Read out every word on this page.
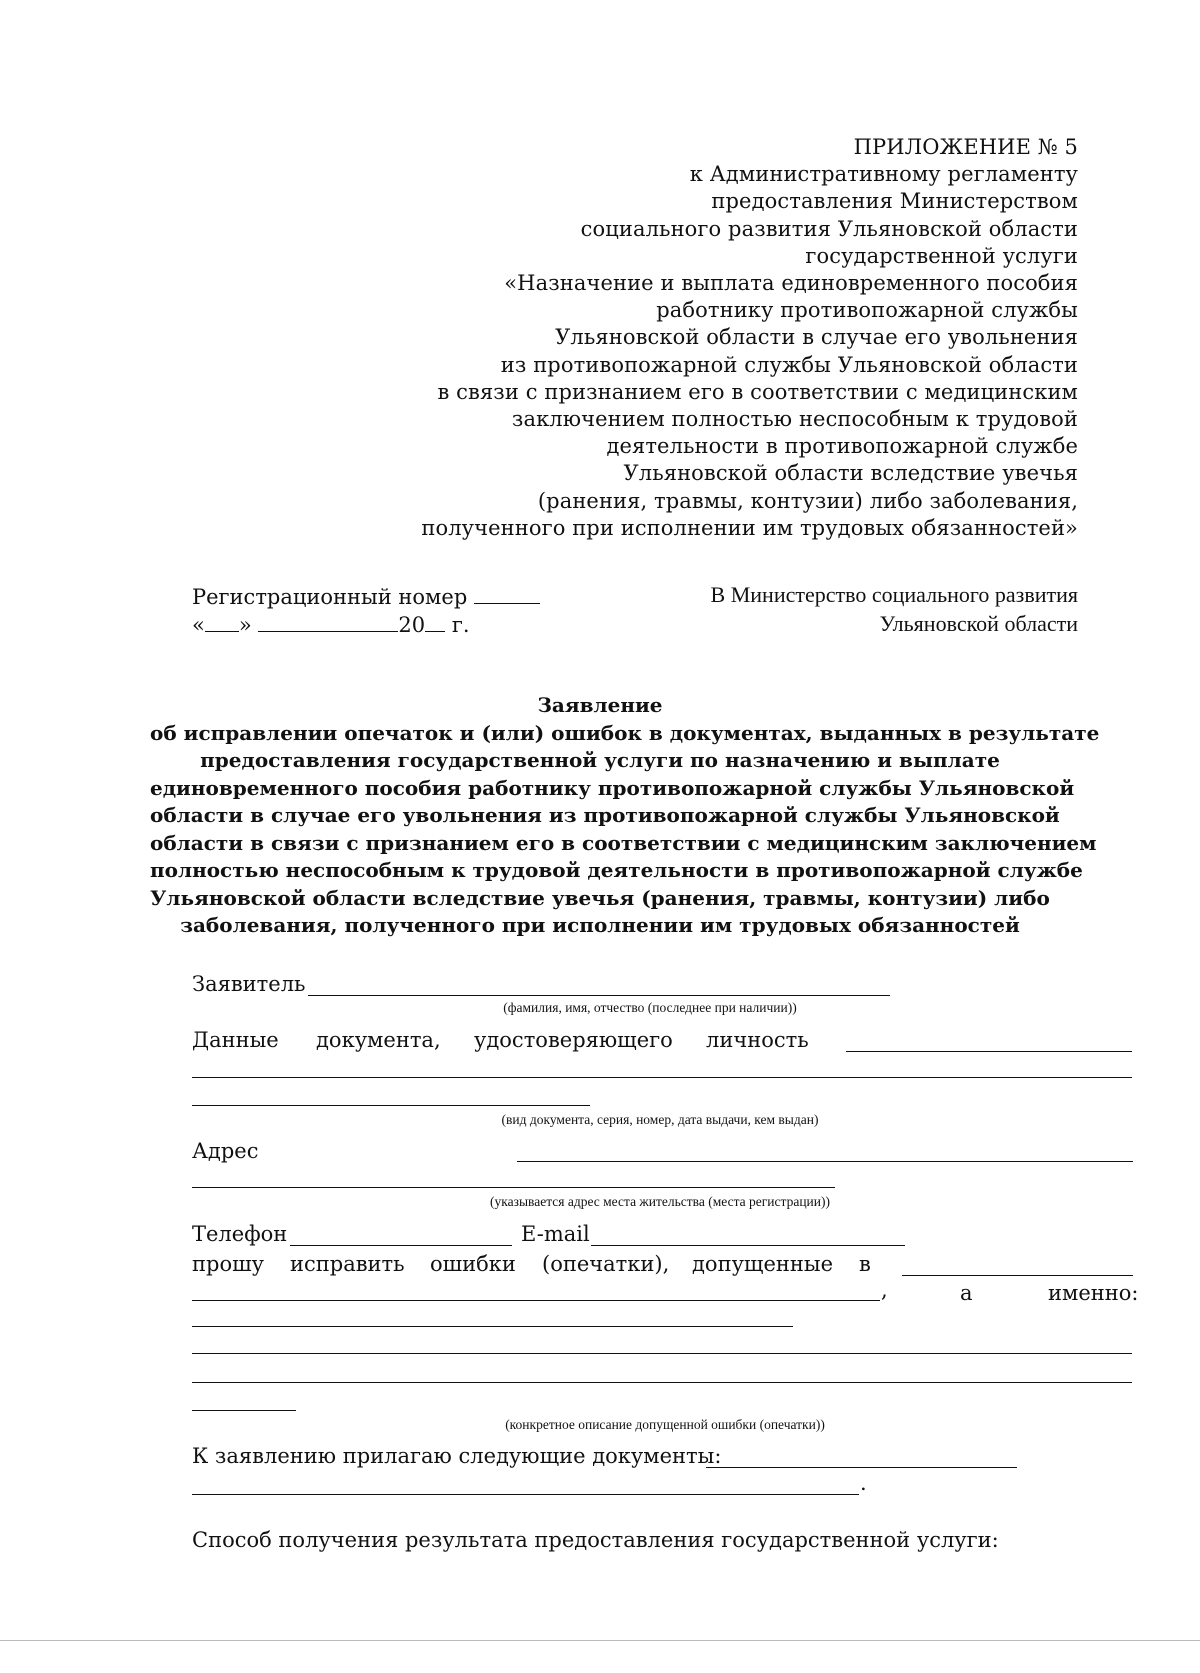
ПРИЛОЖЕНИЕ № 5
к Административному регламенту
предоставления Министерством
социального развития Ульяновской области
государственной услуги
«Назначение и выплата единовременного пособия
работнику противопожарной службы
Ульяновской области в случае его увольнения
из противопожарной службы Ульяновской области
в связи с признанием его в соответствии с медицинским
заключением полностью неспособным к трудовой
деятельности в противопожарной службе
Ульяновской области вследствие увечья
(ранения, травмы, контузии) либо заболевания,
полученного при исполнении им трудовых обязанностей»
Регистрационный номер
« »	20 г.
В Министерство социального развития
Ульяновской области
Заявление
об исправлении опечаток и (или) ошибок в документах, выданных в результате
предоставления государственной услуги по назначению и выплате
единовременного пособия работнику противопожарной службы Ульяновской
области в случае его увольнения из противопожарной службы Ульяновской
области в связи с признанием его в соответствии с медицинским заключением
полностью неспособным к трудовой деятельности в противопожарной службе
Ульяновской области вследствие увечья (ранения, травмы, контузии) либо
заболевания, полученного при исполнении им трудовых обязанностей
Заявитель
(фамилия, имя, отчество (последнее при наличии))
Данные документа, удостоверяющего личность
(вид документа, серия, номер, дата выдачи, кем выдан)
Адрес
(указывается адрес места жительства (места регистрации))
Телефон	E-mail
прошу исправить ошибки (опечатки), допущенные в
,	а	именно:
(конкретное описание допущенной ошибки (опечатки))
К заявлению прилагаю следующие документы:
.
Способ получения результата предоставления государственной услуги:
